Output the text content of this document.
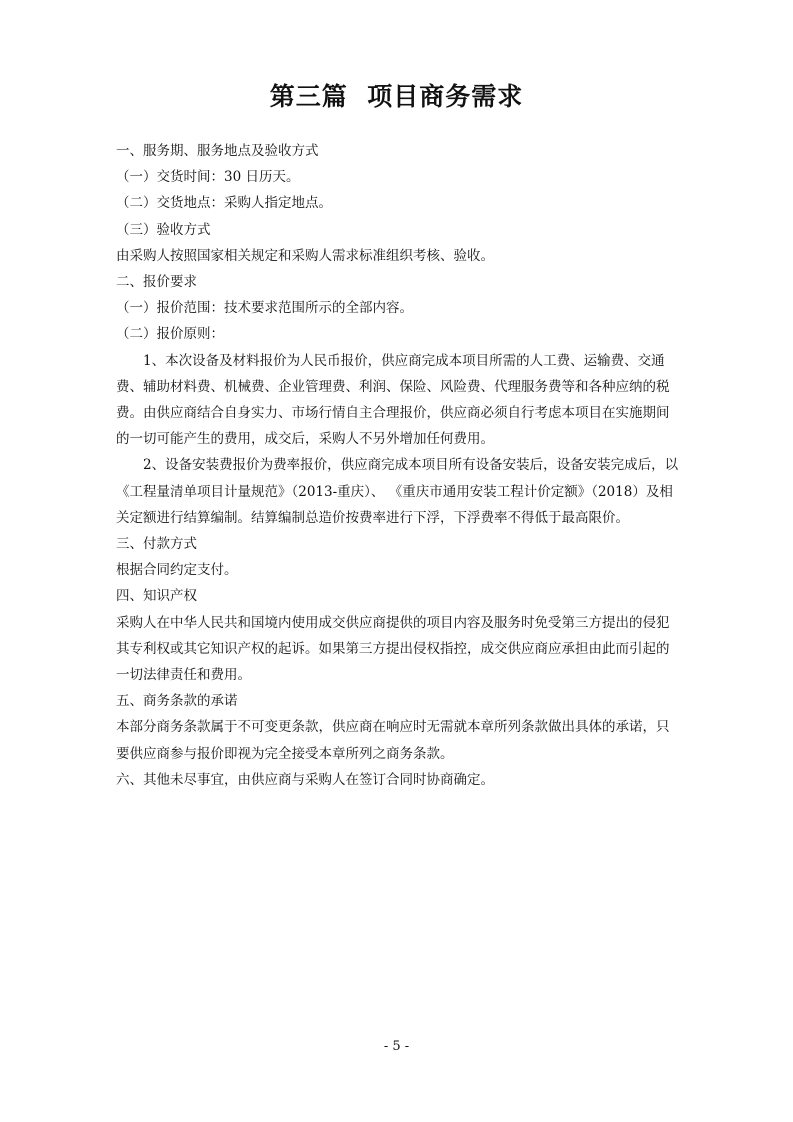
第三篇  项目商务需求

一、服务期、服务地点及验收方式

（一）交货时间：30 日历天。

（二）交货地点：采购人指定地点。

（三）验收方式

由采购人按照国家相关规定和采购人需求标准组织考核、验收。

二、报价要求

（一）报价范围：技术要求范围所示的全部内容。

（二）报价原则：

1、本次设备及材料报价为人民币报价，供应商完成本项目所需的人工费、运输费、交通费、辅助材料费、机械费、企业管理费、利润、保险、风险费、代理服务费等和各种应纳的税费。由供应商结合自身实力、市场行情自主合理报价，供应商必须自行考虑本项目在实施期间的一切可能产生的费用，成交后，采购人不另外增加任何费用。

2、设备安装费报价为费率报价，供应商完成本项目所有设备安装后，设备安装完成后，以《工程量清单项目计量规范》（2013-重庆）、 《重庆市通用安装工程计价定额》（2018）及相关定额进行结算编制。结算编制总造价按费率进行下浮，下浮费率不得低于最高限价。

三、付款方式

根据合同约定支付。

四、知识产权

采购人在中华人民共和国境内使用成交供应商提供的项目内容及服务时免受第三方提出的侵犯其专利权或其它知识产权的起诉。如果第三方提出侵权指控，成交供应商应承担由此而引起的一切法律责任和费用。

五、商务条款的承诺

本部分商务条款属于不可变更条款，供应商在响应时无需就本章所列条款做出具体的承诺，只要供应商参与报价即视为完全接受本章所列之商务条款。

六、其他未尽事宜，由供应商与采购人在签订合同时协商确定。

- 5 -
